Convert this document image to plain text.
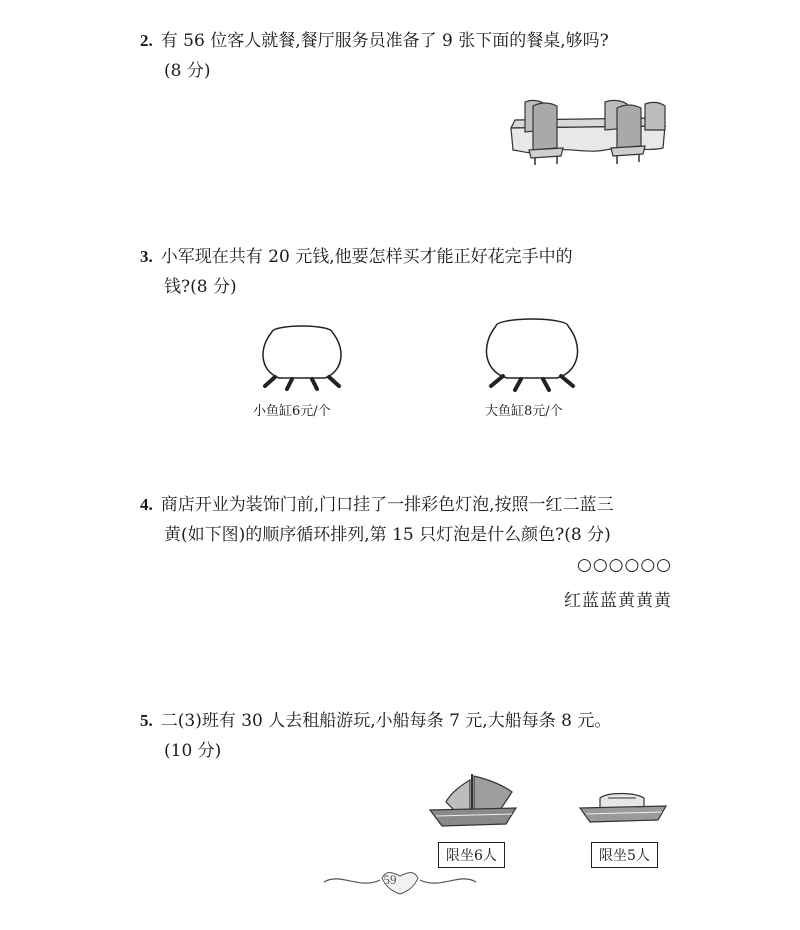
2. 有 56 位客人就餐,餐厅服务员准备了 9 张下面的餐桌,够吗?
(8 分)
3. 小军现在共有 20 元钱,他要怎样买才能正好花完手中的
钱?(8 分)
小鱼缸6元/个	大鱼缸8元/个
4. 商店开业为装饰门前,门口挂了一排彩色灯泡,按照一红二蓝三
黄(如下图)的顺序循环排列,第 15 只灯泡是什么颜色?(8 分)
○○○○○○
红蓝蓝黄黄黄
5. 二(3)班有 30 人去租船游玩,小船每条 7 元,大船每条 8 元。
(10 分)
限坐6人	限坐5人
59
